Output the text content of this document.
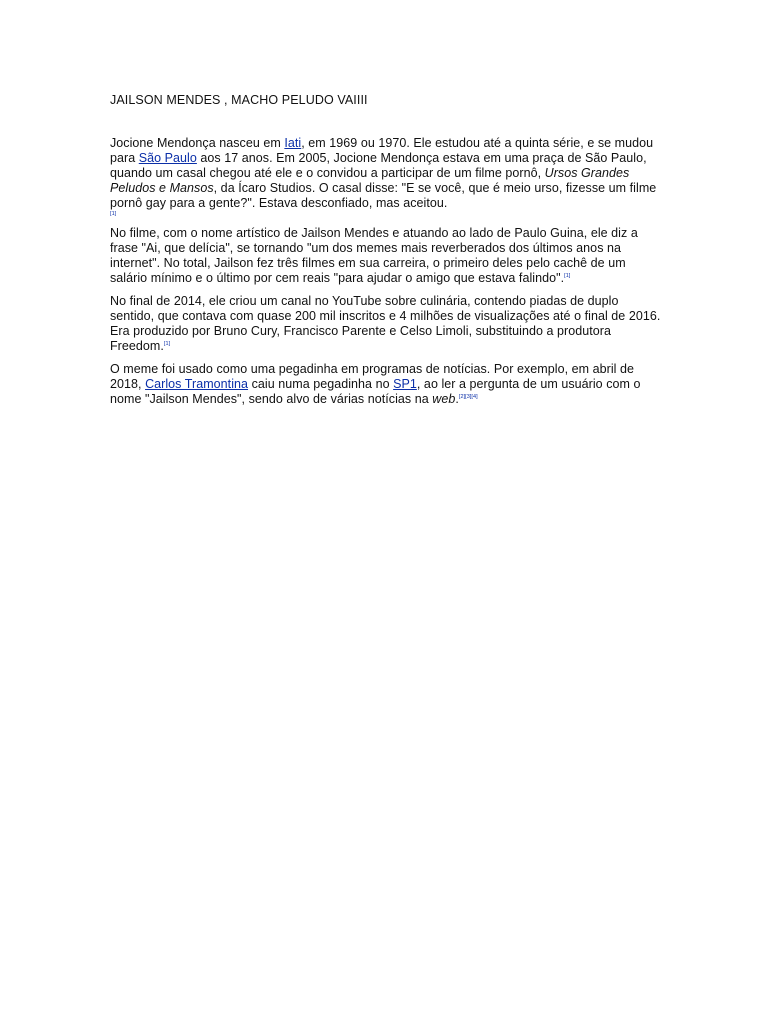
JAILSON MENDES , MACHO PELUDO VAIIII

Jocione Mendonça nasceu em Iati, em 1969 ou 1970. Ele estudou até a quinta série, e se mudou para São Paulo aos 17 anos. Em 2005, Jocione Mendonça estava em uma praça de São Paulo, quando um casal chegou até ele e o convidou a participar de um filme pornô, Ursos Grandes Peludos e Mansos, da Ícaro Studios. O casal disse: "E se você, que é meio urso, fizesse um filme pornô gay para a gente?". Estava desconfiado, mas aceitou.
[1]

No filme, com o nome artístico de Jailson Mendes e atuando ao lado de Paulo Guina, ele diz a frase "Ai, que delícia", se tornando "um dos memes mais reverberados dos últimos anos na internet". No total, Jailson fez três filmes em sua carreira, o primeiro deles pelo cachê de um salário mínimo e o último por cem reais "para ajudar o amigo que estava falindo".[1]

No final de 2014, ele criou um canal no YouTube sobre culinária, contendo piadas de duplo sentido, que contava com quase 200 mil inscritos e 4 milhões de visualizações até o final de 2016. Era produzido por Bruno Cury, Francisco Parente e Celso Limoli, substituindo a produtora Freedom.[1]

O meme foi usado como uma pegadinha em programas de notícias. Por exemplo, em abril de 2018, Carlos Tramontina caiu numa pegadinha no SP1, ao ler a pergunta de um usuário com o nome "Jailson Mendes", sendo alvo de várias notícias na web.[2][3][4]
